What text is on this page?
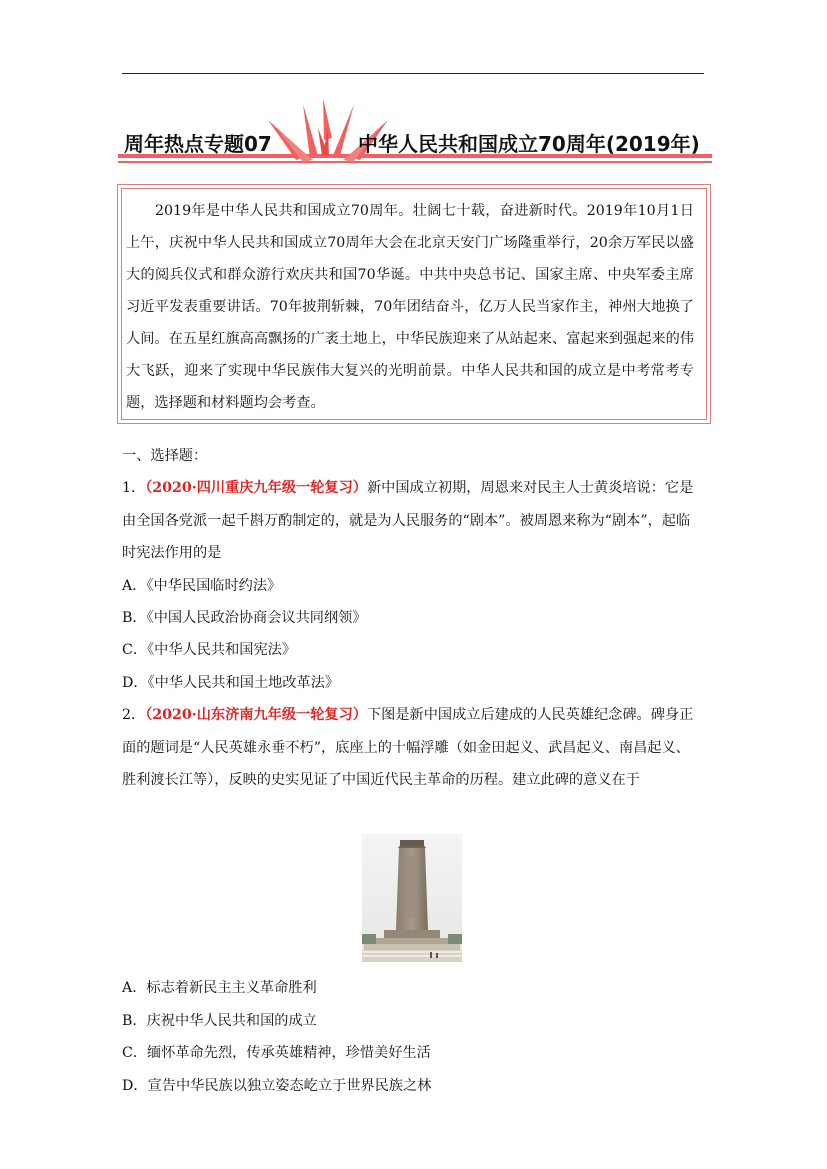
周年热点专题07	中华人民共和国成立70周年(2019年)

2019年是中华人民共和国成立70周年。壮阔七十载，奋进新时代。2019年10月1日上午，庆祝中华人民共和国成立70周年大会在北京天安门广场隆重举行，20余万军民以盛大的阅兵仪式和群众游行欢庆共和国70华诞。中共中央总书记、国家主席、中央军委主席习近平发表重要讲话。70年披荆斩棘，70年团结奋斗，亿万人民当家作主，神州大地换了人间。在五星红旗高高飘扬的广袤土地上，中华民族迎来了从站起来、富起来到强起来的伟大飞跃，迎来了实现中华民族伟大复兴的光明前景。中华人民共和国的成立是中考常考专题，选择题和材料题均会考查。

一、选择题：

1．（2020·四川重庆九年级一轮复习）新中国成立初期，周恩来对民主人士黄炎培说：它是

由全国各党派一起千斟万酌制定的，就是为人民服务的“剧本”。被周恩来称为“剧本”，起临

时宪法作用的是

A．《中华民国临时约法》

B．《中国人民政治协商会议共同纲领》

C．《中华人民共和国宪法》

D．《中华人民共和国土地改革法》

2．（2020·山东济南九年级一轮复习）下图是新中国成立后建成的人民英雄纪念碑。碑身正

面的题词是“人民英雄永垂不朽”，底座上的十幅浮雕（如金田起义、武昌起义、南昌起义、

胜利渡长江等），反映的史实见证了中国近代民主革命的历程。建立此碑的意义在于

A．标志着新民主主义革命胜利

B．庆祝中华人民共和国的成立

C．缅怀革命先烈，传承英雄精神，珍惜美好生活

D．宣告中华民族以独立姿态屹立于世界民族之林
